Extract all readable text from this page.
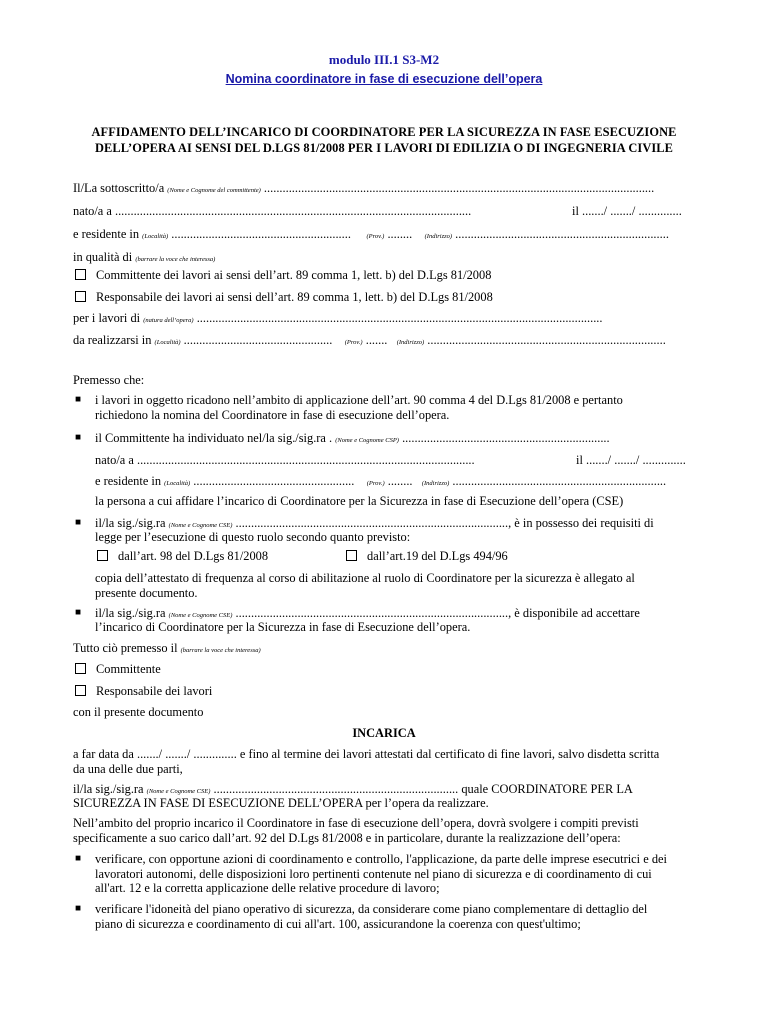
modulo III.1 S3-M2
Nomina coordinatore in fase di esecuzione dell’opera
AFFIDAMENTO DELL’INCARICO DI COORDINATORE PER LA SICUREZZA IN FASE ESECUZIONE
DELL’OPERA AI SENSI DEL D.LGS 81/2008 PER I LAVORI DI EDILIZIA O DI INGEGNERIA CIVILE
Il/La sottoscritto/a (Nome e Cognome del committente) ..............................................................................................................................
nato/a a ...................................................................................................................	il ......./ ......./ ..............
e residente in (Località) .......................................................... (Prov.) ........ (Indirizzo) .....................................................................
in qualità di (barrare la voce che interessa)
Committente dei lavori ai sensi dell’art. 89 comma 1, lett. b) del D.Lgs 81/2008
Responsabile dei lavori ai sensi dell’art. 89 comma 1, lett. b) del D.Lgs 81/2008
per i lavori di (natura dell’opera) ...................................................................................................................................
da realizzarsi in (Località) ................................................ (Prov.) ....... (Indirizzo) .............................................................................
Premesso che:
■ i lavori in oggetto ricadono nell’ambito di applicazione dell’art. 90 comma 4 del D.Lgs 81/2008 e pertanto
richiedono la nomina del Coordinatore in fase di esecuzione dell’opera.
■ il Committente ha individuato nel/la sig./sig.ra . (Nome e Cognome CSP) ...................................................................
nato/a a .............................................................................................................	il ......./ ......./ ..............
e residente in (Località) .................................................... (Prov.) ........ (Indirizzo) .....................................................................
la persona a cui affidare l’incarico di Coordinatore per la Sicurezza in fase di Esecuzione dell’opera (CSE)
■ il/la sig./sig.ra (Nome e Cognome CSE) ........................................................................................, è in possesso dei requisiti di
legge per l’esecuzione di questo ruolo secondo quanto previsto:
dall’art. 98 del D.Lgs 81/2008	dall’art.19 del D.Lgs 494/96
copia dell’attestato di frequenza al corso di abilitazione al ruolo di Coordinatore per la sicurezza è allegato al
presente documento.
■ il/la sig./sig.ra (Nome e Cognome CSE) ........................................................................................, è disponibile ad accettare
l’incarico di Coordinatore per la Sicurezza in fase di Esecuzione dell’opera.
Tutto ciò premesso il (barrare la voce che interessa)
Committente
Responsabile dei lavori
con il presente documento
INCARICA
a far data da ......./ ......./ .............. e fino al termine dei lavori attestati dal certificato di fine lavori, salvo disdetta scritta
da una delle due parti,
il/la sig./sig.ra (Nome e Cognome CSE) ............................................................................... quale COORDINATORE PER LA
SICUREZZA IN FASE DI ESECUZIONE DELL’OPERA per l’opera da realizzare.
Nell’ambito del proprio incarico il Coordinatore in fase di esecuzione dell’opera, dovrà svolgere i compiti previsti
specificamente a suo carico dall’art. 92 del D.Lgs 81/2008 e in particolare, durante la realizzazione dell’opera:
■ verificare, con opportune azioni di coordinamento e controllo, l'applicazione, da parte delle imprese esecutrici e dei
lavoratori autonomi, delle disposizioni loro pertinenti contenute nel piano di sicurezza e di coordinamento di cui
all'art. 12 e la corretta applicazione delle relative procedure di lavoro;
■ verificare l'idoneità del piano operativo di sicurezza, da considerare come piano complementare di dettaglio del
piano di sicurezza e coordinamento di cui all'art. 100, assicurandone la coerenza con quest'ultimo;
